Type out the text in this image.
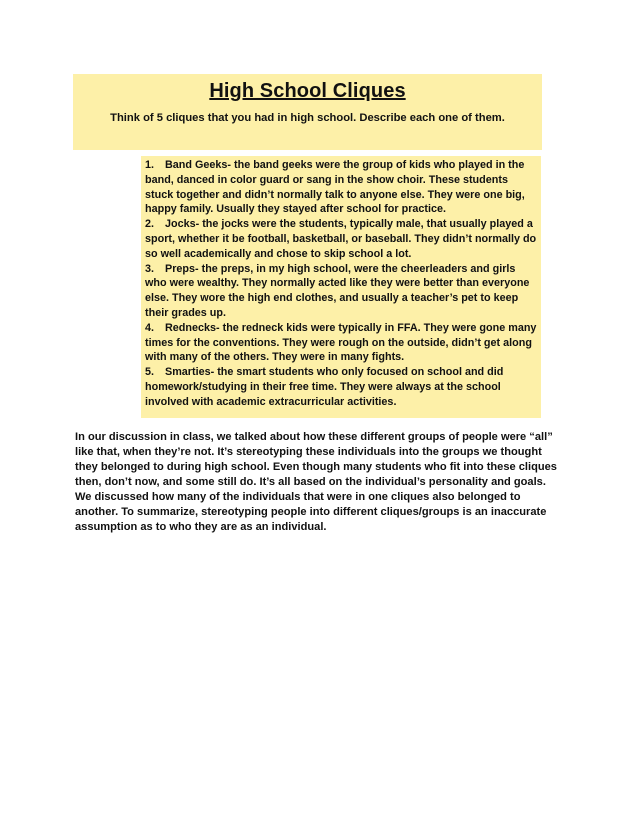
High School Cliques
Think of 5 cliques that you had in high school. Describe each one of them.
1. Band Geeks- the band geeks were the group of kids who played in the band, danced in color guard or sang in the show choir. These students stuck together and didn’t normally talk to anyone else. They were one big, happy family. Usually they stayed after school for practice.
2. Jocks- the jocks were the students, typically male, that usually played a sport, whether it be football, basketball, or baseball. They didn’t normally do so well academically and chose to skip school a lot.
3. Preps- the preps, in my high school, were the cheerleaders and girls who were wealthy. They normally acted like they were better than everyone else. They wore the high end clothes, and usually a teacher’s pet to keep their grades up.
4. Rednecks- the redneck kids were typically in FFA. They were gone many times for the conventions. They were rough on the outside, didn’t get along with many of the others. They were in many fights.
5. Smarties- the smart students who only focused on school and did homework/studying in their free time. They were always at the school involved with academic extracurricular activities.

In our discussion in class, we talked about how these different groups of people were “all” like that, when they’re not. It’s stereotyping these individuals into the groups we thought they belonged to during high school. Even though many students who fit into these cliques then, don’t now, and some still do. It’s all based on the individual’s personality and goals. We discussed how many of the individuals that were in one cliques also belonged to another. To summarize, stereotyping people into different cliques/groups is an inaccurate assumption as to who they are as an individual.
